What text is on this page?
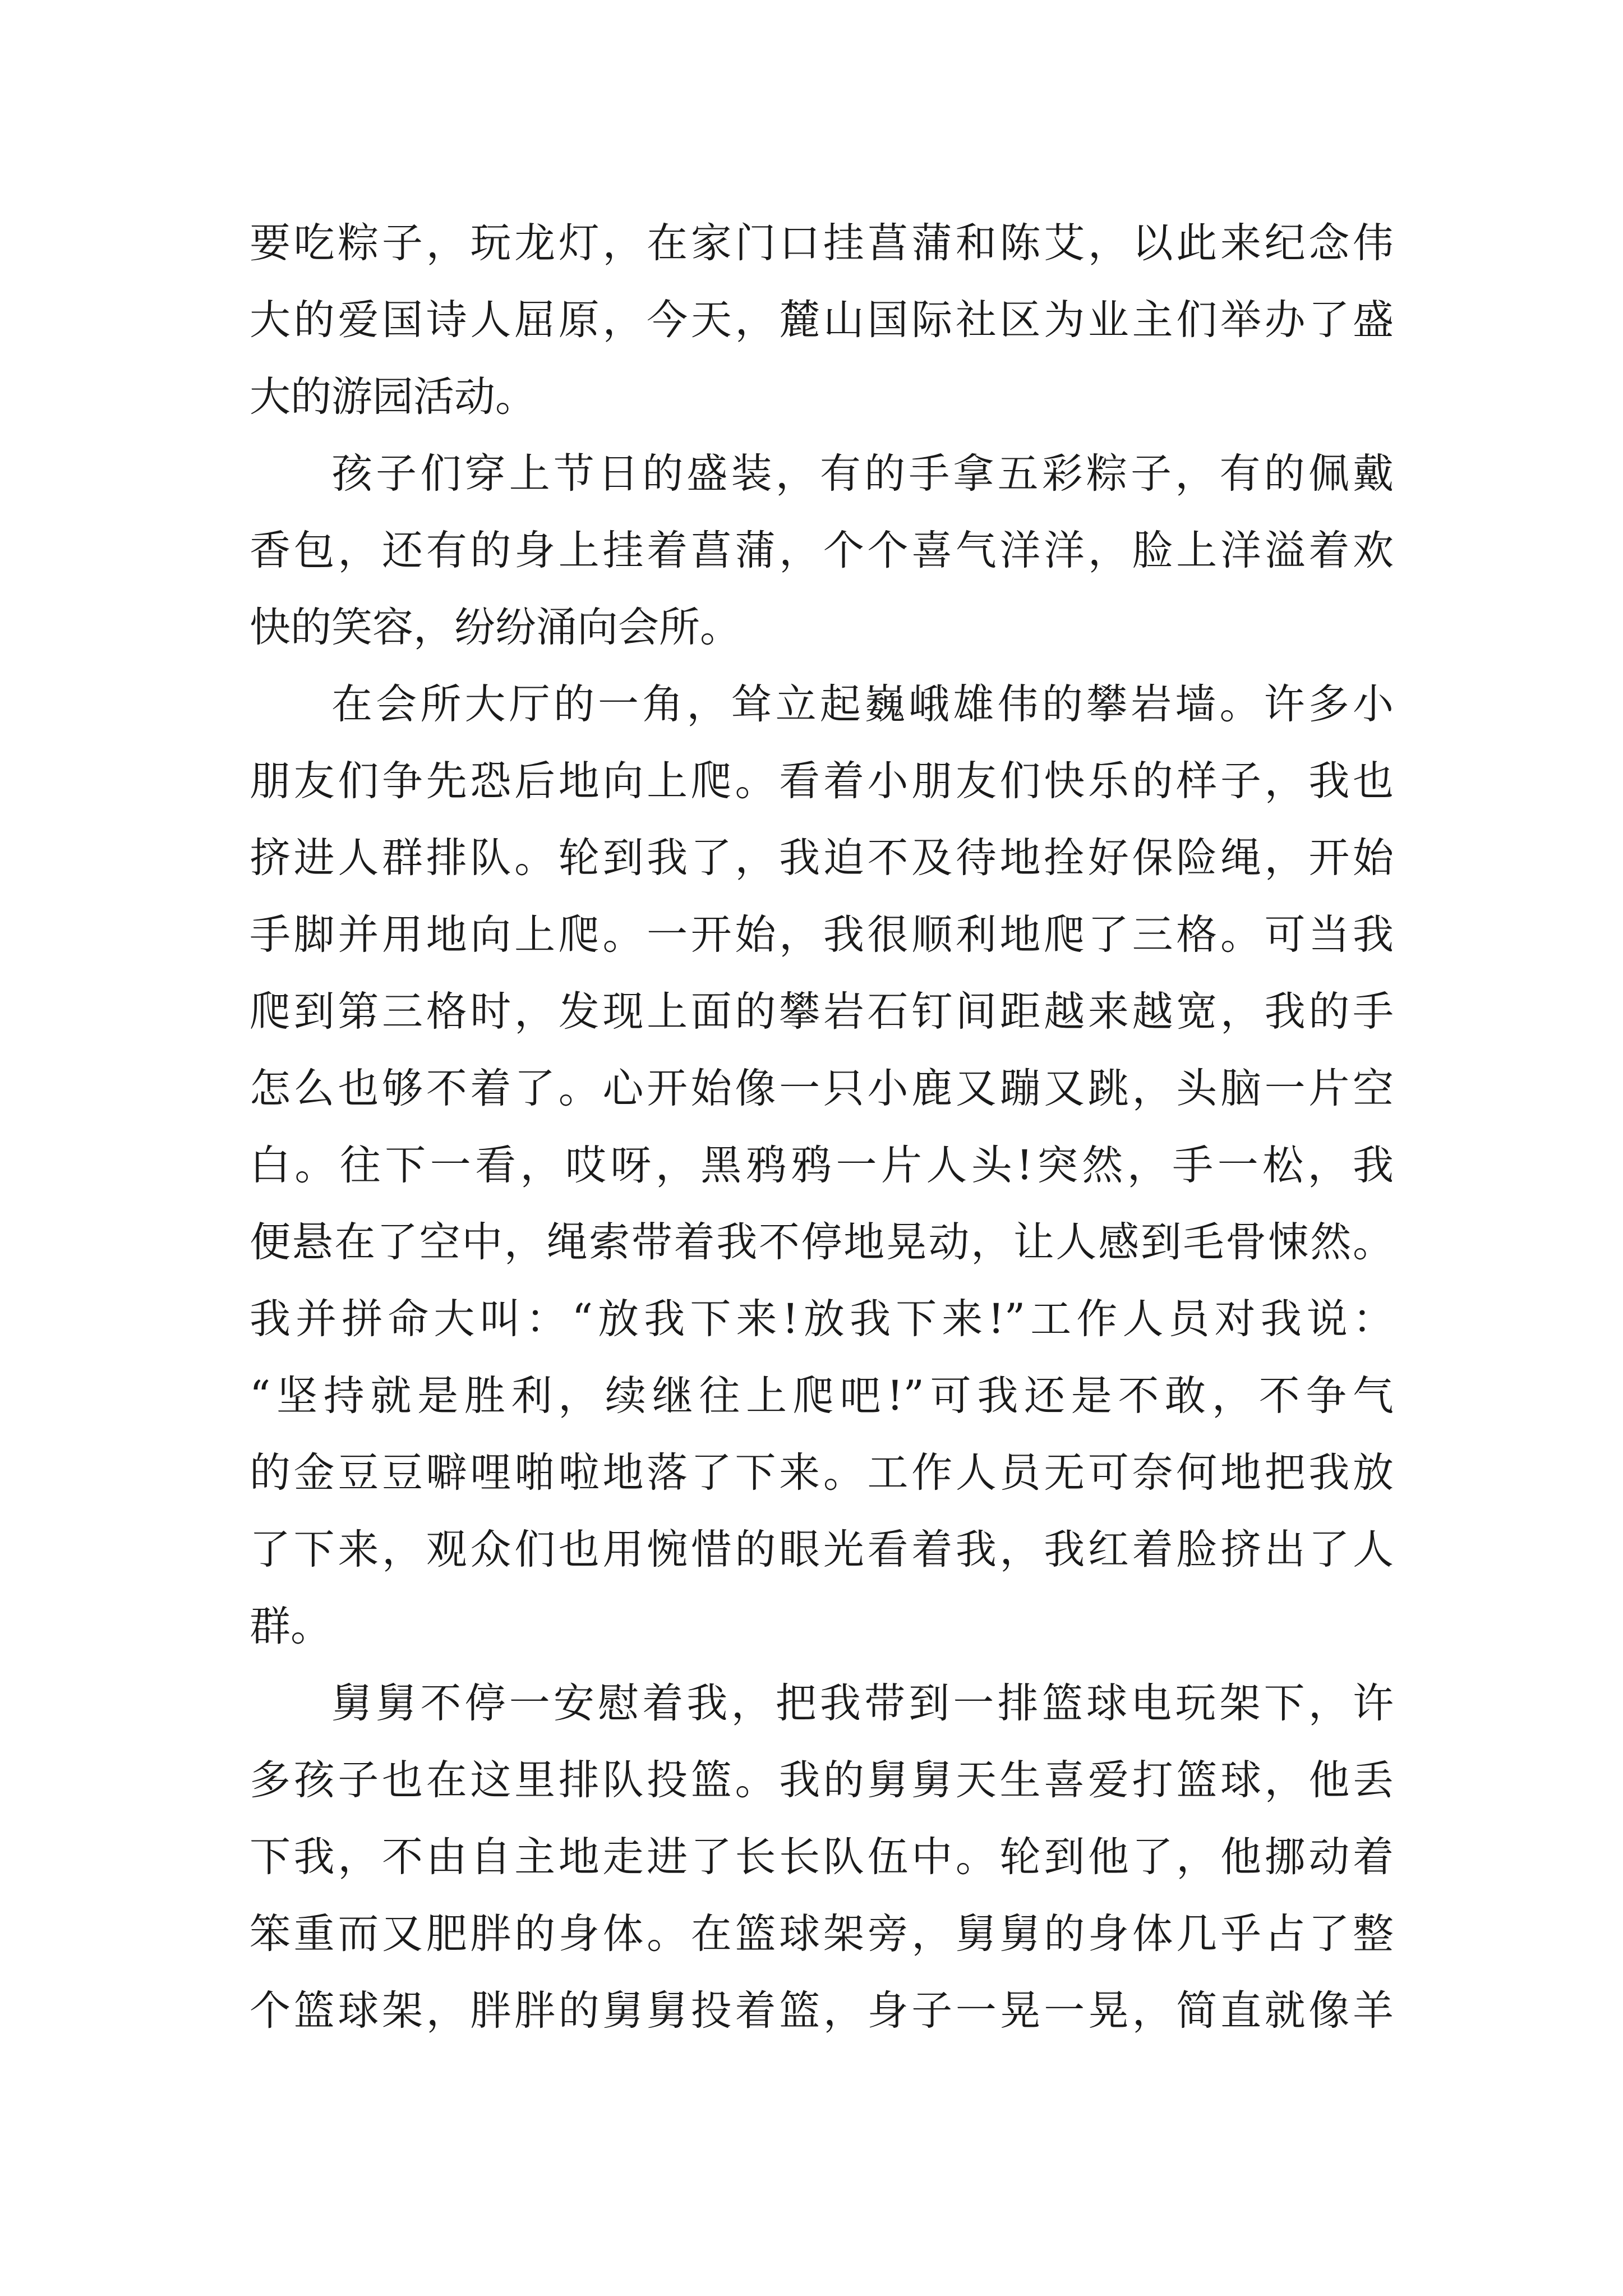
要吃粽子，玩龙灯，在家门口挂菖蒲和陈艾，以此来纪念伟
大的爱国诗人屈原，今天，麓山国际社区为业主们举办了盛
大的游园活动。
孩子们穿上节日的盛装，有的手拿五彩粽子，有的佩戴
香包，还有的身上挂着菖蒲，个个喜气洋洋，脸上洋溢着欢
快的笑容，纷纷涌向会所。
在会所大厅的一角，耸立起巍峨雄伟的攀岩墙。许多小
朋友们争先恐后地向上爬。看着小朋友们快乐的样子，我也
挤进人群排队。轮到我了，我迫不及待地拴好保险绳，开始
手脚并用地向上爬。一开始，我很顺利地爬了三格。可当我
爬到第三格时，发现上面的攀岩石钉间距越来越宽，我的手
怎么也够不着了。心开始像一只小鹿又蹦又跳，头脑一片空
白。往下一看，哎呀，黑鸦鸦一片人头!突然，手一松，我
便悬在了空中，绳索带着我不停地晃动，让人感到毛骨悚然。
我并拼命大叫：“放我下来!放我下来!”工作人员对我说：
“坚持就是胜利，续继往上爬吧!”可我还是不敢，不争气
的金豆豆噼哩啪啦地落了下来。工作人员无可奈何地把我放
了下来，观众们也用惋惜的眼光看着我，我红着脸挤出了人
群。
舅舅不停一安慰着我，把我带到一排篮球电玩架下，许
多孩子也在这里排队投篮。我的舅舅天生喜爱打篮球，他丢
下我，不由自主地走进了长长队伍中。轮到他了，他挪动着
笨重而又肥胖的身体。在篮球架旁，舅舅的身体几乎占了整
个篮球架，胖胖的舅舅投着篮，身子一晃一晃，简直就像羊
